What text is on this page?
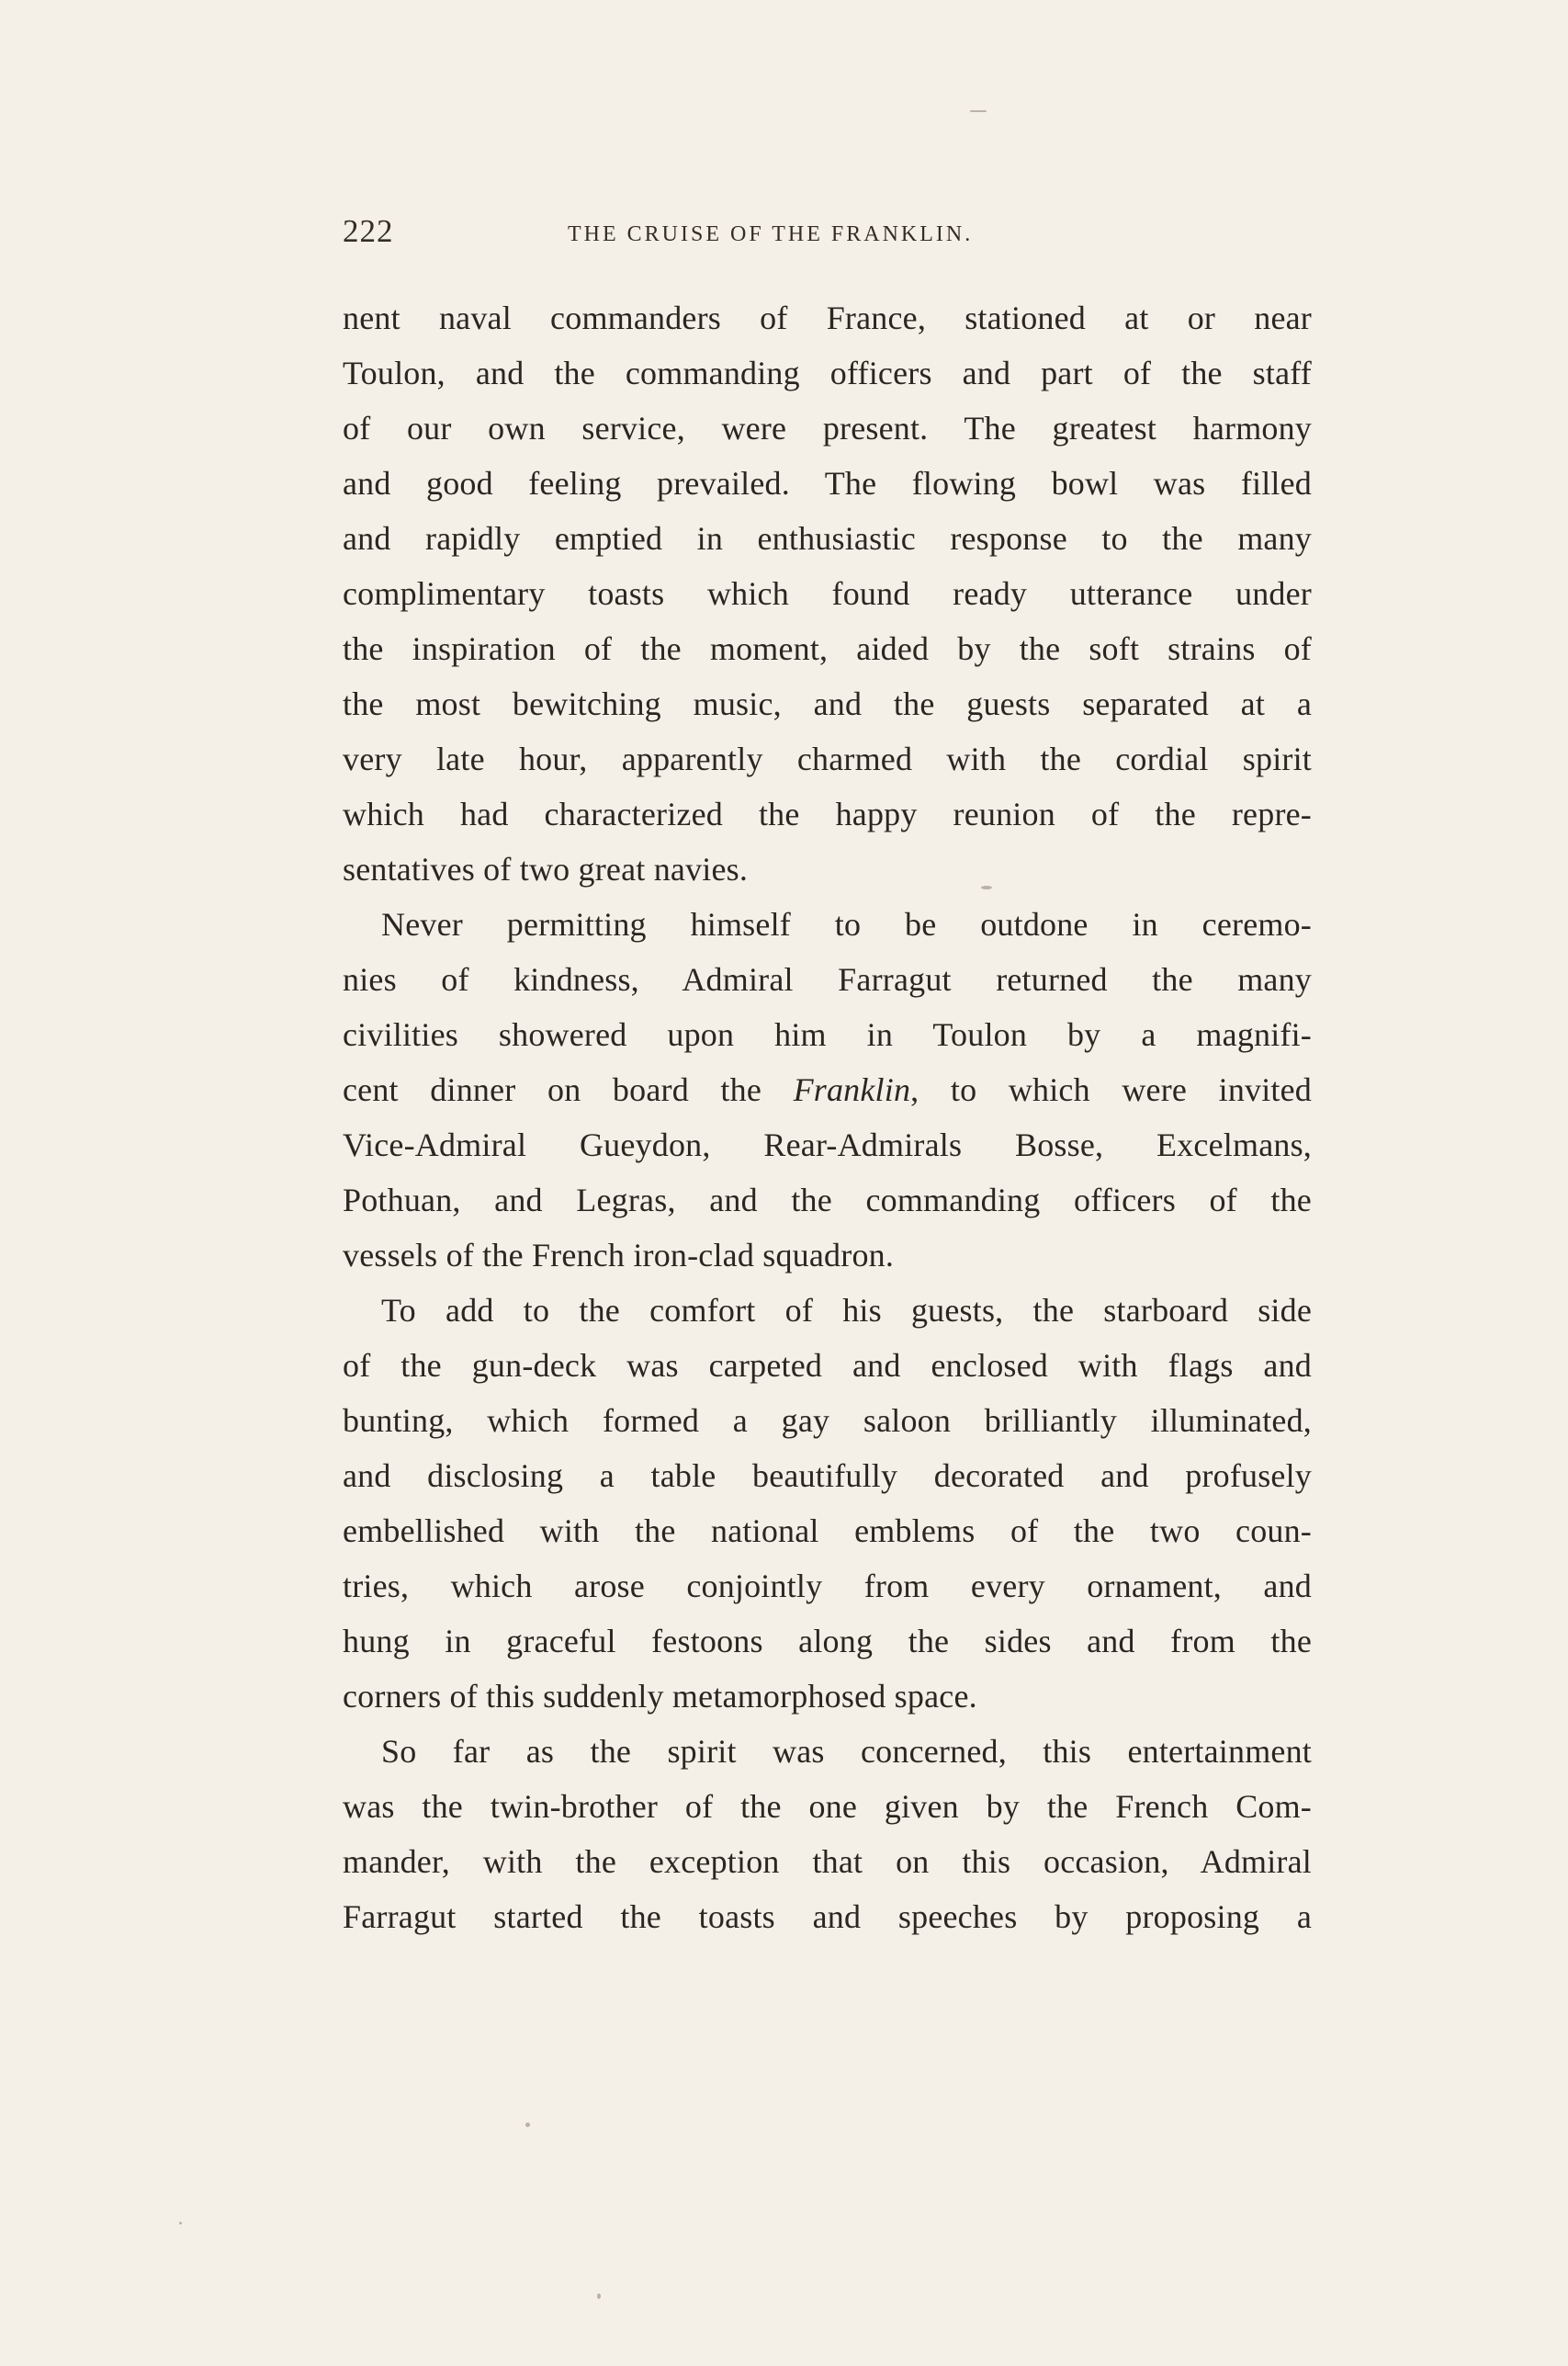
222	THE CRUISE OF THE FRANKLIN.
nent naval commanders of France, stationed at or near
Toulon, and the commanding officers and part of the staff
of our own service, were present. The greatest harmony
and good feeling prevailed. The flowing bowl was filled
and rapidly emptied in enthusiastic response to the many
complimentary toasts which found ready utterance under
the inspiration of the moment, aided by the soft strains of
the most bewitching music, and the guests separated at a
very late hour, apparently charmed with the cordial spirit
which had characterized the happy reunion of the repre-
sentatives of two great navies.
Never permitting himself to be outdone in ceremo-
nies of kindness, Admiral Farragut returned the many
civilities showered upon him in Toulon by a magnifi-
cent dinner on board the Franklin, to which were invited
Vice-Admiral Gueydon, Rear-Admirals Bosse, Excelmans,
Pothuan, and Legras, and the commanding officers of the
vessels of the French iron-clad squadron.
To add to the comfort of his guests, the starboard side
of the gun-deck was carpeted and enclosed with flags and
bunting, which formed a gay saloon brilliantly illuminated,
and disclosing a table beautifully decorated and profusely
embellished with the national emblems of the two coun-
tries, which arose conjointly from every ornament, and
hung in graceful festoons along the sides and from the
corners of this suddenly metamorphosed space.
So far as the spirit was concerned, this entertainment
was the twin-brother of the one given by the French Com-
mander, with the exception that on this occasion, Admiral
Farragut started the toasts and speeches by proposing a
